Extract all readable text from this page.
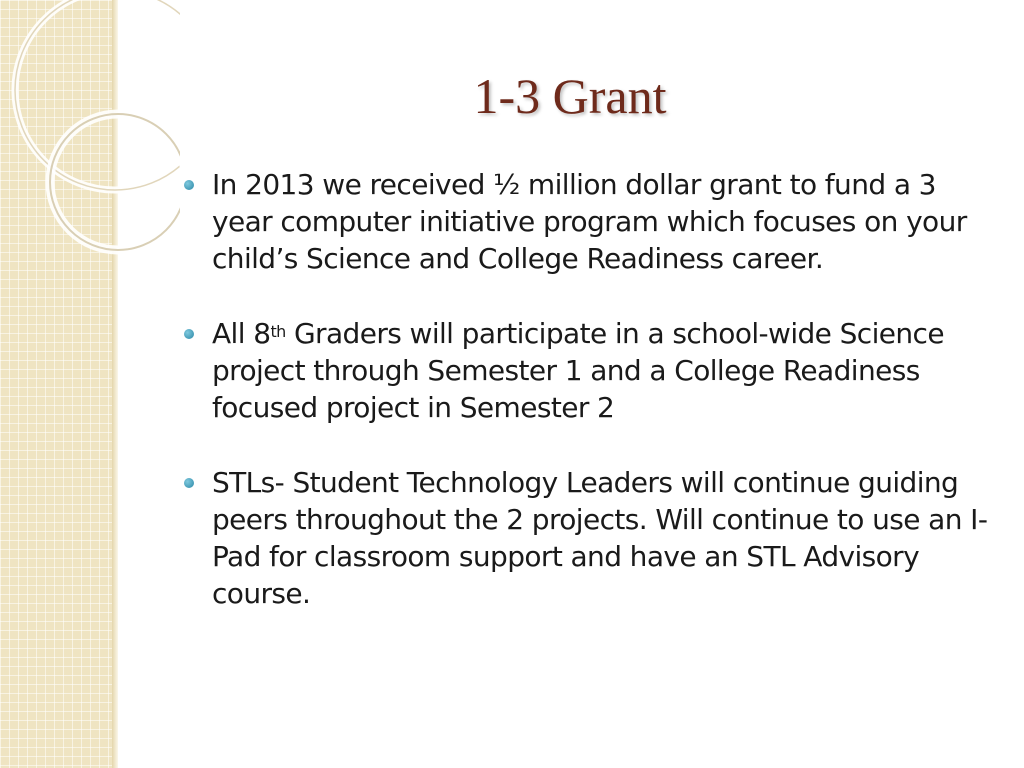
1-3 Grant
In 2013 we received ½ million dollar grant to fund a 3 year computer initiative program which focuses on your child’s Science and College Readiness career.
All 8th Graders will participate in a school-wide Science project through Semester 1 and a College Readiness focused project in Semester 2
STLs- Student Technology Leaders will continue guiding peers throughout the 2 projects. Will continue to use an I-Pad for classroom support and have an STL Advisory course.
